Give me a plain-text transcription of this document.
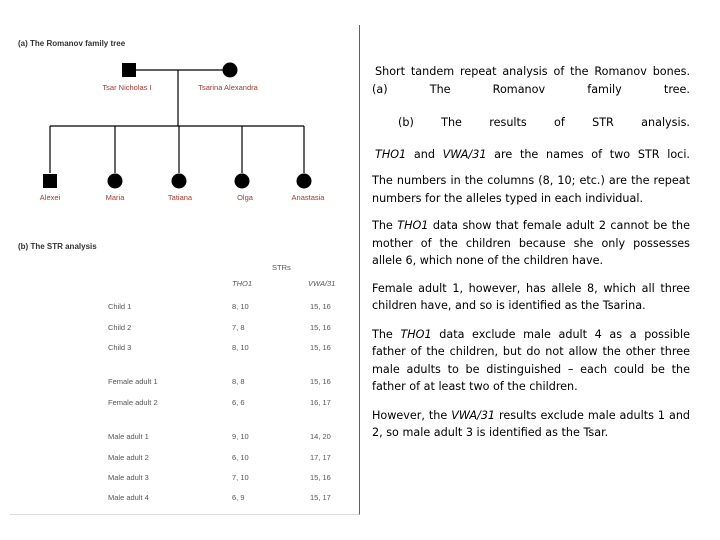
(a) The Romanov family tree
Tsar Nicholas I	Tsarina Alexandra
Alexei	Maria	Tatiana	Olga	Anastasia
(b) The STR analysis
STRs
THO1	VWA/31
Child 1	8, 10	15, 16
Child 2	7, 8	15, 16
Child 3	8, 10	15, 16
Female adult 1	8, 8	15, 16
Female adult 2	6, 6	16, 17
Male adult 1	9, 10	14, 20
Male adult 2	6, 10	17, 17
Male adult 3	7, 10	15, 16
Male adult 4	6, 9	15, 17

Short tandem repeat analysis of the Romanov bones.

(a) The Romanov family tree.

(b) The results of STR analysis.

THO1 and VWA/31 are the names of two STR loci.

The numbers in the columns (8, 10; etc.) are the repeat numbers for the alleles typed in each individual.

The THO1 data show that female adult 2 cannot be the mother of the children because she only possesses allele 6, which none of the children have.

Female adult 1, however, has allele 8, which all three children have, and so is identified as the Tsarina.

The THO1 data exclude male adult 4 as a possible father of the children, but do not allow the other three male adults to be distinguished – each could be the father of at least two of the children.

However, the VWA/31 results exclude male adults 1 and 2, so male adult 3 is identified as the Tsar.
